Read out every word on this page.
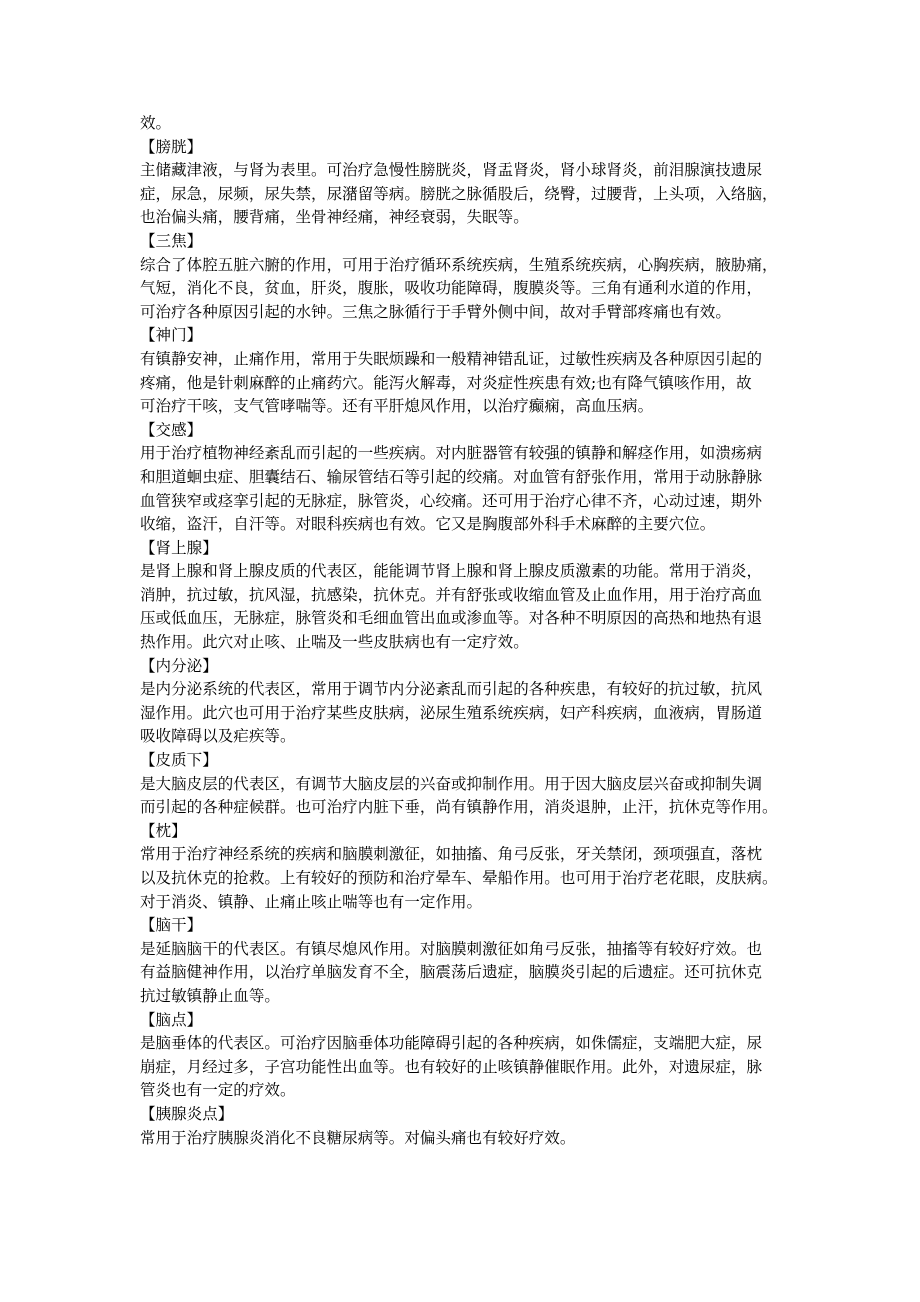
效。
【膀胱】
主储藏津液，与肾为表里。可治疗急慢性膀胱炎，肾盂肾炎，肾小球肾炎，前泪腺演技遗尿
症，尿急，尿频，尿失禁，尿潴留等病。膀胱之脉循股后，绕臀，过腰背，上头项，入络脑，
也治偏头痛，腰背痛，坐骨神经痛，神经衰弱，失眠等。
【三焦】
综合了体腔五脏六腑的作用，可用于治疗循环系统疾病，生殖系统疾病，心胸疾病，腋胁痛，
气短，消化不良，贫血，肝炎，腹胀，吸收功能障碍，腹膜炎等。三角有通利水道的作用，
可治疗各种原因引起的水钟。三焦之脉循行于手臂外侧中间，故对手臂部疼痛也有效。
【神门】
有镇静安神，止痛作用，常用于失眠烦躁和一般精神错乱证，过敏性疾病及各种原因引起的
疼痛，他是针刺麻醉的止痛药穴。能泻火解毒，对炎症性疾患有效;也有降气镇咳作用，故
可治疗干咳，支气管哮喘等。还有平肝熄风作用，以治疗癫痫，高血压病。
【交感】
用于治疗植物神经紊乱而引起的一些疾病。对内脏器管有较强的镇静和解痉作用，如溃疡病
和胆道蛔虫症、胆囊结石、输尿管结石等引起的绞痛。对血管有舒张作用，常用于动脉静脉
血管狭窄或痉挛引起的无脉症，脉管炎，心绞痛。还可用于治疗心律不齐，心动过速，期外
收缩，盗汗，自汗等。对眼科疾病也有效。它又是胸腹部外科手术麻醉的主要穴位。
【肾上腺】
是肾上腺和肾上腺皮质的代表区，能能调节肾上腺和肾上腺皮质激素的功能。常用于消炎，
消肿，抗过敏，抗风湿，抗感染，抗休克。并有舒张或收缩血管及止血作用，用于治疗高血
压或低血压，无脉症，脉管炎和毛细血管出血或渗血等。对各种不明原因的高热和地热有退
热作用。此穴对止咳、止喘及一些皮肤病也有一定疗效。
【内分泌】
是内分泌系统的代表区，常用于调节内分泌紊乱而引起的各种疾患，有较好的抗过敏，抗风
湿作用。此穴也可用于治疗某些皮肤病，泌尿生殖系统疾病，妇产科疾病，血液病，胃肠道
吸收障碍以及疟疾等。
【皮质下】
是大脑皮层的代表区，有调节大脑皮层的兴奋或抑制作用。用于因大脑皮层兴奋或抑制失调
而引起的各种症候群。也可治疗内脏下垂，尚有镇静作用，消炎退肿，止汗，抗休克等作用。
【枕】
常用于治疗神经系统的疾病和脑膜刺激征，如抽搐、角弓反张，牙关禁闭，颈项强直，落枕
以及抗休克的抢救。上有较好的预防和治疗晕车、晕船作用。也可用于治疗老花眼，皮肤病。
对于消炎、镇静、止痛止咳止喘等也有一定作用。
【脑干】
是延脑脑干的代表区。有镇尽熄风作用。对脑膜刺激征如角弓反张，抽搐等有较好疗效。也
有益脑健神作用，以治疗单脑发育不全，脑震荡后遗症，脑膜炎引起的后遗症。还可抗休克
抗过敏镇静止血等。
【脑点】
是脑垂体的代表区。可治疗因脑垂体功能障碍引起的各种疾病，如侏儒症，支端肥大症，尿
崩症，月经过多，子宫功能性出血等。也有较好的止咳镇静催眠作用。此外，对遗尿症，脉
管炎也有一定的疗效。
【胰腺炎点】
常用于治疗胰腺炎消化不良糖尿病等。对偏头痛也有较好疗效。
